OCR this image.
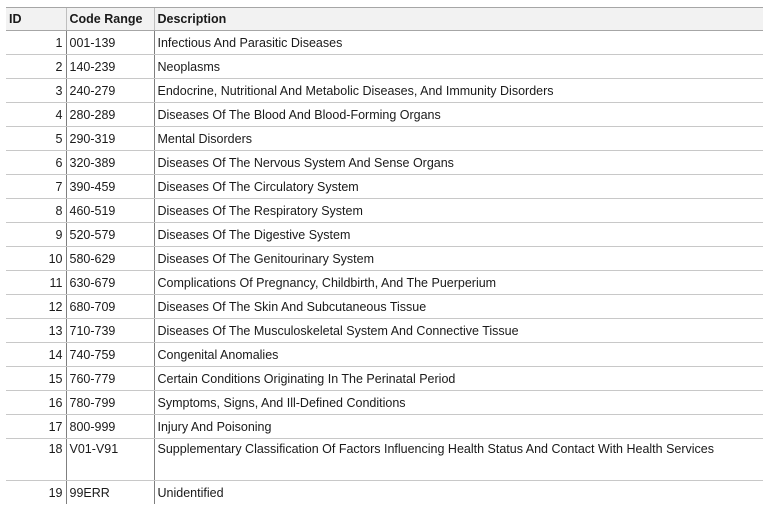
ID	Code Range	Description
1	001-139	Infectious And Parasitic Diseases
2	140-239	Neoplasms
3	240-279	Endocrine, Nutritional And Metabolic Diseases, And Immunity Disorders
4	280-289	Diseases Of The Blood And Blood-Forming Organs
5	290-319	Mental Disorders
6	320-389	Diseases Of The Nervous System And Sense Organs
7	390-459	Diseases Of The Circulatory System
8	460-519	Diseases Of The Respiratory System
9	520-579	Diseases Of The Digestive System
10	580-629	Diseases Of The Genitourinary System
11	630-679	Complications Of Pregnancy, Childbirth, And The Puerperium
12	680-709	Diseases Of The Skin And Subcutaneous Tissue
13	710-739	Diseases Of The Musculoskeletal System And Connective Tissue
14	740-759	Congenital Anomalies
15	760-779	Certain Conditions Originating In The Perinatal Period
16	780-799	Symptoms, Signs, And Ill-Defined Conditions
17	800-999	Injury And Poisoning
18	V01-V91	Supplementary Classification Of Factors Influencing Health Status And Contact With Health Services
19	99ERR	Unidentified
